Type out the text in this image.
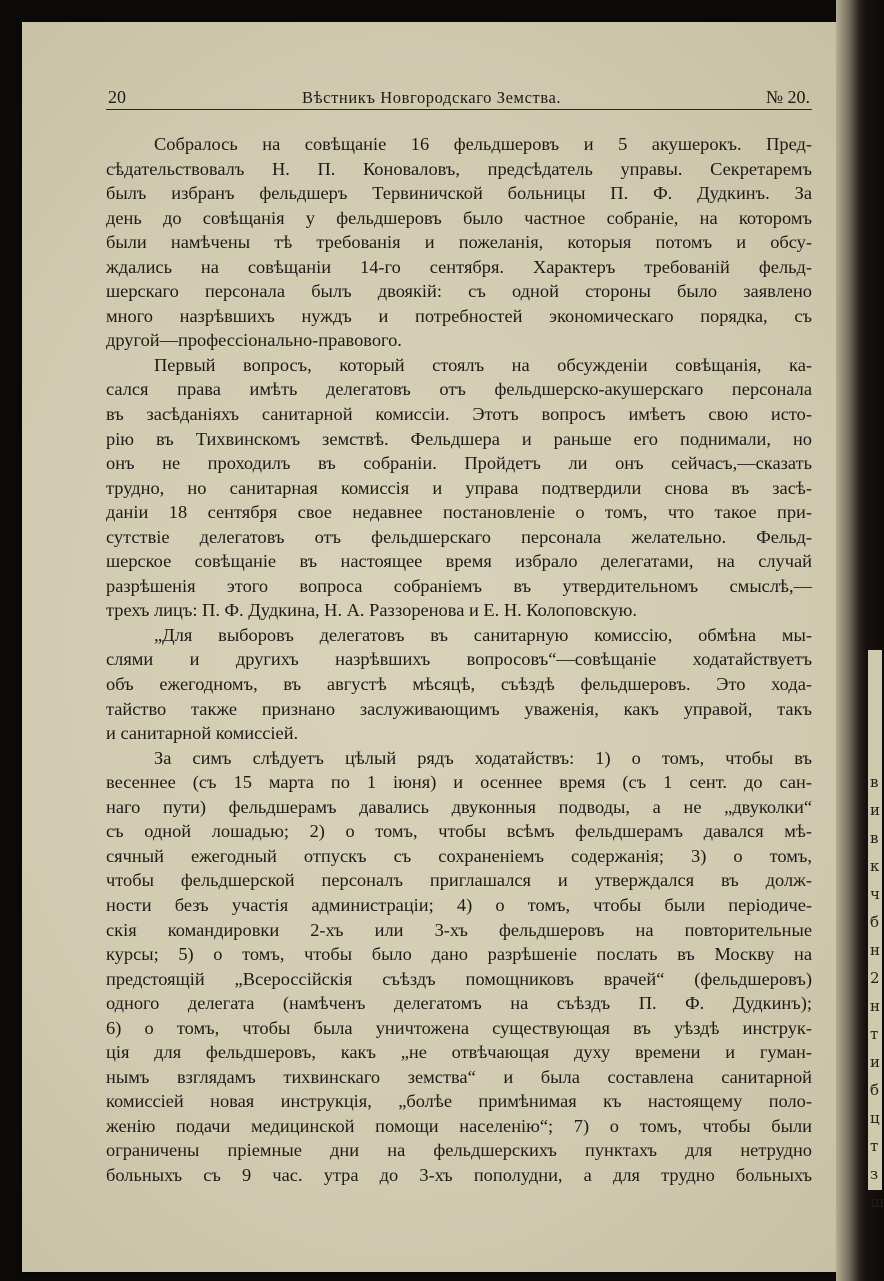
в
и
в
к
ч
б
н
2
н
т
и
б
ц
т
з
ш
20	Вѣстникъ Новгородскаго Земства.	№ 20.
Собралось на совѣщаніе 16 фельдшеровъ и 5 акушерокъ. Пред-
сѣдательствовалъ Н. П. Коноваловъ, предсѣдатель управы. Секретаремъ
былъ избранъ фельдшеръ Тервиничской больницы П. Ф. Дудкинъ. За
день до совѣщанія у фельдшеровъ было частное собраніе, на которомъ
были намѣчены тѣ требованія и пожеланія, которыя потомъ и обсу-
ждались на совѣщаніи 14-го сентября. Характеръ требованій фельд-
шерскаго персонала былъ двоякій: съ одной стороны было заявлено
много назрѣвшихъ нуждъ и потребностей экономическаго порядка, съ
другой—профессіонально-правового.
Первый вопросъ, который стоялъ на обсужденіи совѣщанія, ка-
сался права имѣть делегатовъ отъ фельдшерско-акушерскаго персонала
въ засѣданіяхъ санитарной комиссіи. Этотъ вопросъ имѣетъ свою исто-
рію въ Тихвинскомъ земствѣ. Фельдшера и раньше его поднимали, но
онъ не проходилъ въ собраніи. Пройдетъ ли онъ сейчасъ,—сказать
трудно, но санитарная комиссія и управа подтвердили снова въ засѣ-
даніи 18 сентября свое недавнее постановленіе о томъ, что такое при-
сутствіе делегатовъ отъ фельдшерскаго персонала желательно. Фельд-
шерское совѣщаніе въ настоящее время избрало делегатами, на случай
разрѣшенія этого вопроса собраніемъ въ утвердительномъ смыслѣ,—
трехъ лицъ: П. Ф. Дудкина, Н. А. Раззоренова и Е. Н. Колоповскую.
„Для выборовъ делегатовъ въ санитарную комиссію, обмѣна мы-
слями и другихъ назрѣвшихъ вопросовъ“—совѣщаніе ходатайствуетъ
объ ежегодномъ, въ августѣ мѣсяцѣ, съѣздѣ фельдшеровъ. Это хода-
тайство также признано заслуживающимъ уваженія, какъ управой, такъ
и санитарной комиссіей.
За симъ слѣдуетъ цѣлый рядъ ходатайствъ: 1) о томъ, чтобы въ
весеннее (съ 15 марта по 1 іюня) и осеннее время (съ 1 сент. до сан-
наго пути) фельдшерамъ давались двуконныя подводы, а не „двуколки“
съ одной лошадью; 2) о томъ, чтобы всѣмъ фельдшерамъ давался мѣ-
сячный ежегодный отпускъ съ сохраненіемъ содержанія; 3) о томъ,
чтобы фельдшерской персоналъ приглашался и утверждался въ долж-
ности безъ участія администраціи; 4) о томъ, чтобы были періодиче-
скія командировки 2-хъ или 3-хъ фельдшеровъ на повторительные
курсы; 5) о томъ, чтобы было дано разрѣшеніе послать въ Москву на
предстоящій „Всероссійскія съѣздъ помощниковъ врачей“ (фельдшеровъ)
одного делегата (намѣченъ делегатомъ на съѣздъ П. Ф. Дудкинъ);
6) о томъ, чтобы была уничтожена существующая въ уѣздѣ инструк-
ція для фельдшеровъ, какъ „не отвѣчающая духу времени и гуман-
нымъ взглядамъ тихвинскаго земства“ и была составлена санитарной
комиссіей новая инструкція, „болѣе примѣнимая къ настоящему поло-
женію подачи медицинской помощи населенію“; 7) о томъ, чтобы были
ограничены пріемные дни на фельдшерскихъ пунктахъ для нетрудно
больныхъ съ 9 час. утра до 3-хъ пополудни, а для трудно больныхъ
